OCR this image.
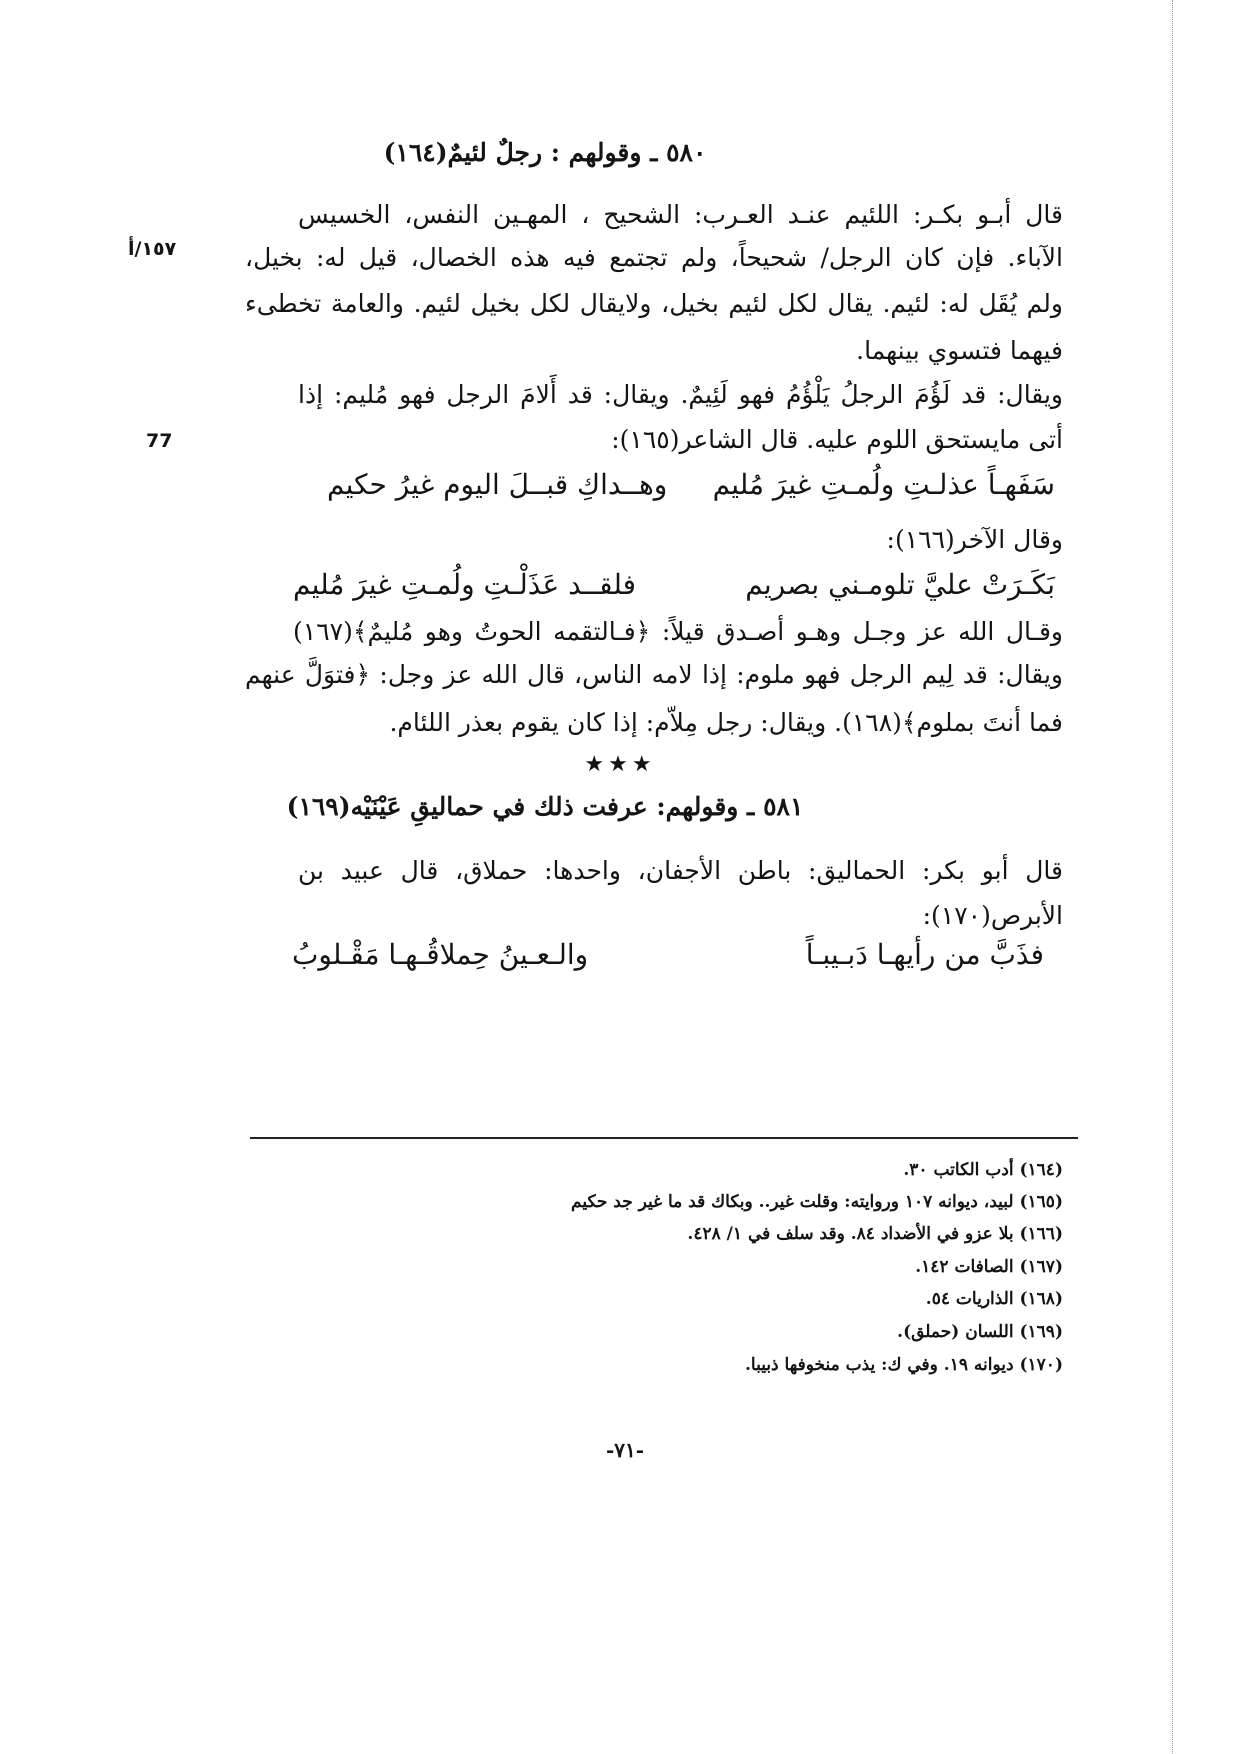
٥٨٠ ـ وقولهم : رجلٌ لئيمٌ(١٦٤)
١٥٧/أ
77
قال أبـو بكـر: اللئيم عنـد العـرب: الشحيح ، المهـين النفس، الخسيس
الآباء. فإن كان الرجل/ شحيحاً، ولم تجتمع فيه هذه الخصال، قيل له: بخيل،
ولم يُقَل له: لئيم. يقال لكل لئيم بخيل، ولايقال لكل بخيل لئيم. والعامة تخطىء
فيهما فتسوي بينهما.
ويقال: قد لَؤُمَ الرجلُ يَلْؤُمُ فهو لَئِيمٌ. ويقال: قد أَلامَ الرجل فهو مُليم: إذا
أتى مايستحق اللوم عليه. قال الشاعر(١٦٥):
سَفَهـاً عذلـتِ ولُمـتِ غيرَ مُليم
وهــداكِ قبــلَ اليوم غيرُ حكيم
وقال الآخر(١٦٦):
بَكَـرَتْ عليَّ تلومـني بصريم
فلقــد عَذَلْـتِ ولُمـتِ غيرَ مُليم
وقـال الله عز وجـل وهـو أصـدق قيلاً: ﴿فـالتقمه الحوتُ وهو مُليمٌ﴾(١٦٧)
ويقال: قد لِيم الرجل فهو ملوم: إذا لامه الناس، قال الله عز وجل: ﴿فتوَلَّ عنهم
فما أنتَ بملوم﴾(١٦٨). ويقال: رجل مِلاّم: إذا كان يقوم بعذر اللئام.
★★★
٥٨١ ـ وقولهم: عرفت ذلك في حماليقِ عَيْنَيْه(١٦٩)
قال أبو بكر: الحماليق: باطن الأجفان، واحدها: حملاق، قال عبيد بن
الأبرص(١٧٠):
فذَبَّ من رأيهـا دَبـيبـاً
والـعـينُ حِملاقُـهـا مَقْـلوبُ
(١٦٤) أدب الكاتب ٣٠.
(١٦٥) لبيد، ديوانه ١٠٧ وروايته: وقلت غير.. وبكاك قد ما غير جد حكيم
(١٦٦) بلا عزو في الأضداد ٨٤. وقد سلف في ١/ ٤٢٨.
(١٦٧) الصافات ١٤٢.
(١٦٨) الذاريات ٥٤.
(١٦٩) اللسان (حملق).
(١٧٠) ديوانه ١٩. وفي ك: يذب منخوفها ذبيبا.
-٧١-
